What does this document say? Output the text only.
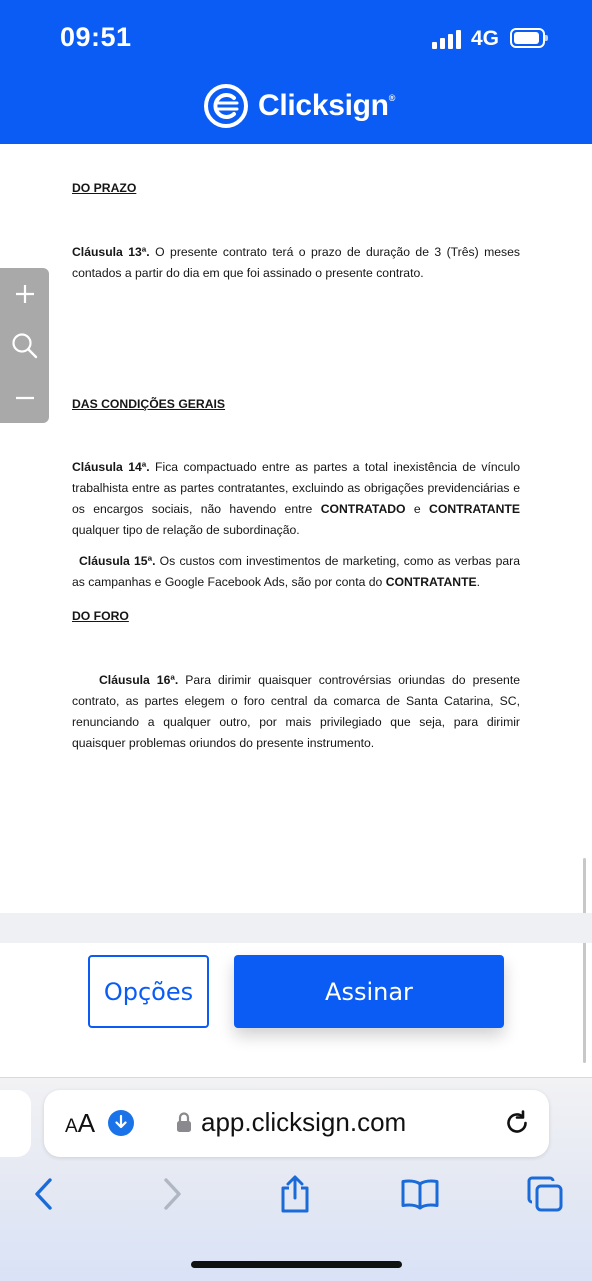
09:51	4G
Clicksign®
DO PRAZO
Cláusula 13ª. O presente contrato terá o prazo de duração de 3 (Três) meses contados a partir do dia em que foi assinado o presente contrato.
DAS CONDIÇÕES GERAIS
Cláusula 14ª. Fica compactuado entre as partes a total inexistência de vínculo trabalhista entre as partes contratantes, excluindo as obrigações previdenciárias e os encargos sociais, não havendo entre CONTRATADO e CONTRATANTE qualquer tipo de relação de subordinação.
Cláusula 15ª. Os custos com investimentos de marketing, como as verbas para as campanhas e Google Facebook Ads, são por conta do CONTRATANTE.
DO FORO
Cláusula 16ª. Para dirimir quaisquer controvérsias oriundas do presente contrato, as partes elegem o foro central da comarca de Santa Catarina, SC, renunciando a qualquer outro, por mais privilegiado que seja, para dirimir quaisquer problemas oriundos do presente instrumento.
Opções	Assinar
AA	app.clicksign.com
